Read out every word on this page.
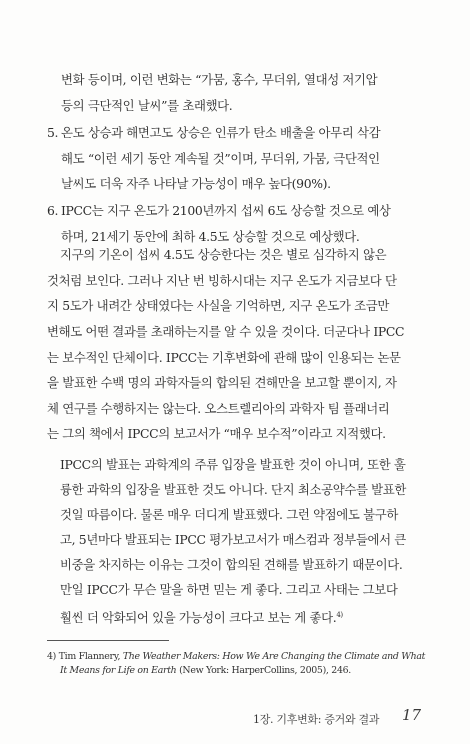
변화 등이며, 이런 변화는 “가뭄, 홍수, 무더위, 열대성 저기압
등의 극단적인 날씨”를 초래했다.
5. 온도 상승과 해면고도 상승은 인류가 탄소 배출을 아무리 삭감
해도 “이런 세기 동안 계속될 것”이며, 무더위, 가뭄, 극단적인
날씨도 더욱 자주 나타날 가능성이 매우 높다(90%).
6. IPCC는 지구 온도가 2100년까지 섭씨 6도 상승할 것으로 예상
하며, 21세기 동안에 최하 4.5도 상승할 것으로 예상했다.
지구의 기온이 섭씨 4.5도 상승한다는 것은 별로 심각하지 않은
것처럼 보인다. 그러나 지난 번 빙하시대는 지구 온도가 지금보다 단
지 5도가 내려간 상태였다는 사실을 기억하면, 지구 온도가 조금만
변해도 어떤 결과를 초래하는지를 알 수 있을 것이다. 더군다나 IPCC
는 보수적인 단체이다. IPCC는 기후변화에 관해 많이 인용되는 논문
을 발표한 수백 명의 과학자들의 합의된 견해만을 보고할 뿐이지, 자
체 연구를 수행하지는 않는다. 오스트렐리아의 과학자 팀 플래너리
는 그의 책에서 IPCC의 보고서가 “매우 보수적”이라고 지적했다.
IPCC의 발표는 과학계의 주류 입장을 발표한 것이 아니며, 또한 훌
륭한 과학의 입장을 발표한 것도 아니다. 단지 최소공약수를 발표한
것일 따름이다. 물론 매우 더디게 발표했다. 그런 약점에도 불구하
고, 5년마다 발표되는 IPCC 평가보고서가 매스컴과 정부들에서 큰
비중을 차지하는 이유는 그것이 합의된 견해를 발표하기 때문이다.
만일 IPCC가 무슨 말을 하면 믿는 게 좋다. 그리고 사태는 그보다
훨씬 더 악화되어 있을 가능성이 크다고 보는 게 좋다.$^{4)}$
4) Tim Flannery, The Weather Makers: How We Are Changing the Climate and What
It Means for Life on Earth (New York: HarperCollins, 2005), 246.
1장. 기후변화: 증거와 결과 17
